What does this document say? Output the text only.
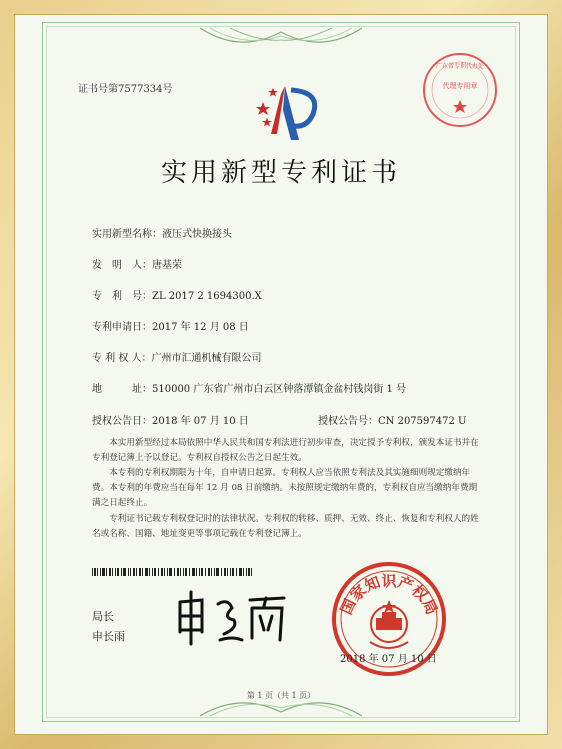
证书号第7577334号	代理专用章
广东省专利代办处
实用新型专利证书
实用新型名称：液压式快换接头
发　明　人：唐基荣
专　利　号：ZL 2017 2 1694300.X
专利申请日：2017 年 12 月 08 日
专 利 权 人：广州市汇通机械有限公司
地　　　址：510000 广东省广州市白云区钟落潭镇金盆村钱岗街 1 号
授权公告日：2018 年 07 月 10 日	授权公告号：CN 207597472 U
本实用新型经过本局依照中华人民共和国专利法进行初步审查，决定授予专利权，颁发本证书并在专利登记簿上予以登记。专利权自授权公告之日起生效。
本专利的专利权期限为十年，自申请日起算。专利权人应当依照专利法及其实施细则规定缴纳年费。本专利的年费应当在每年 12 月 08 日前缴纳。未按照规定缴纳年费的，专利权自应当缴纳年费期满之日起终止。
专利证书记载专利权登记时的法律状况。专利权的转移、质押、无效、终止、恢复和专利权人的姓名或名称、国籍、地址变更等事项记载在专利登记簿上。
局长
申长雨
国家知识产权局
2018 年 07 月 10 日
第 1 页（共 1 页）
